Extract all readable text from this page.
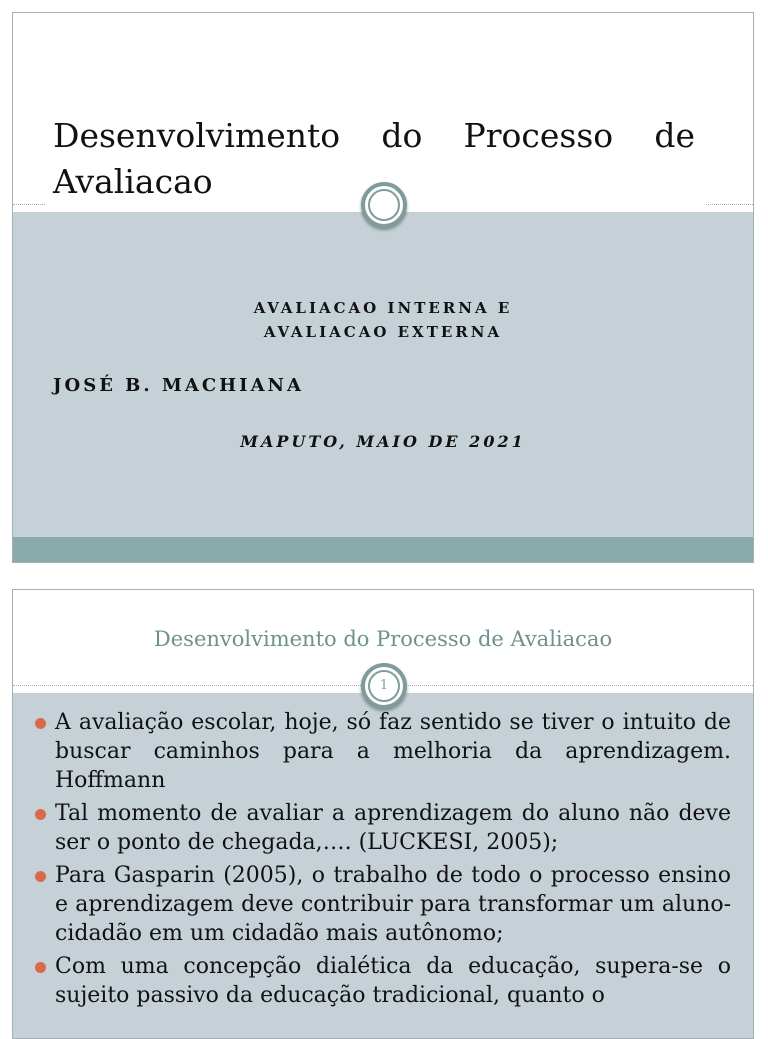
Desenvolvimento do Processo de Avaliacao
AVALIACAO INTERNA E
AVALIACAO EXTERNA
JOSÉ B. MACHIANA
MAPUTO, MAIO DE 2021
Desenvolvimento do Processo de Avaliacao
1
A avaliação escolar, hoje, só faz sentido se tiver o intuito de buscar caminhos para a melhoria da aprendizagem. Hoffmann
Tal momento de avaliar a aprendizagem do aluno não deve ser o ponto de chegada,…. (LUCKESI, 2005);
Para Gasparin (2005), o trabalho de todo o processo ensino e aprendizagem deve contribuir para transformar um aluno-cidadão em um cidadão mais autônomo;
Com uma concepção dialética da educação, supera-se o sujeito passivo da educação tradicional, quanto o
